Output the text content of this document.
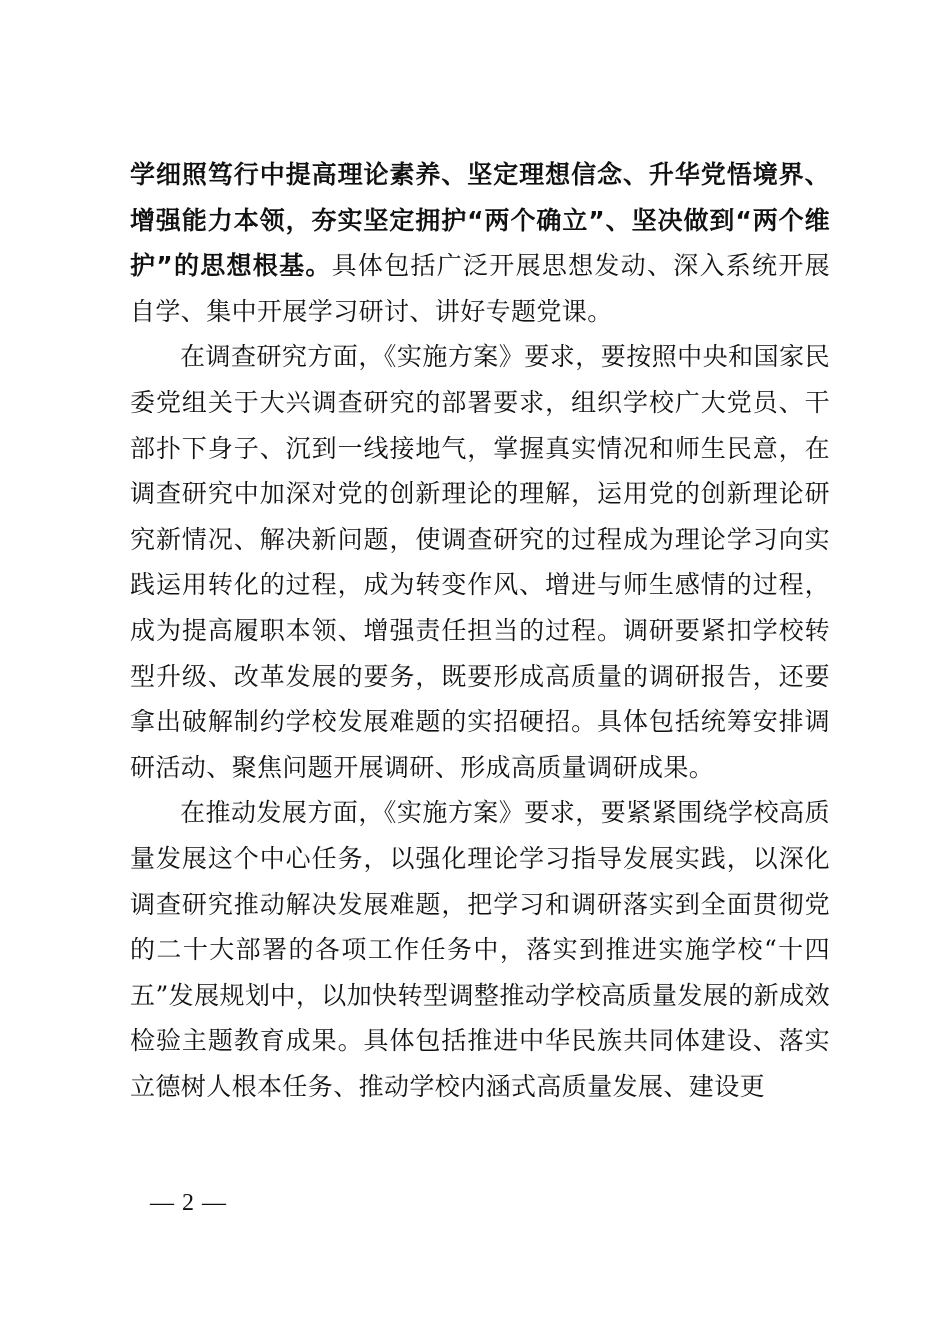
学细照笃行中提高理论素养、坚定理想信念、升华党悟境界、增强能力本领，夯实坚定拥护“两个确立”、坚决做到“两个维护”的思想根基。具体包括广泛开展思想发动、深入系统开展自学、集中开展学习研讨、讲好专题党课。

在调查研究方面，《实施方案》要求，要按照中央和国家民委党组关于大兴调查研究的部署要求，组织学校广大党员、干部扑下身子、沉到一线接地气，掌握真实情况和师生民意，在调查研究中加深对党的创新理论的理解，运用党的创新理论研究新情况、解决新问题，使调查研究的过程成为理论学习向实践运用转化的过程，成为转变作风、增进与师生感情的过程，成为提高履职本领、增强责任担当的过程。调研要紧扣学校转型升级、改革发展的要务，既要形成高质量的调研报告，还要拿出破解制约学校发展难题的实招硬招。具体包括统筹安排调研活动、聚焦问题开展调研、形成高质量调研成果。

在推动发展方面，《实施方案》要求，要紧紧围绕学校高质量发展这个中心任务，以强化理论学习指导发展实践，以深化调查研究推动解决发展难题，把学习和调研落实到全面贯彻党的二十大部署的各项工作任务中，落实到推进实施学校“十四五”发展规划中，以加快转型调整推动学校高质量发展的新成效检验主题教育成果。具体包括推进中华民族共同体建设、落实立德树人根本任务、推动学校内涵式高质量发展、建设更

— 2 —
